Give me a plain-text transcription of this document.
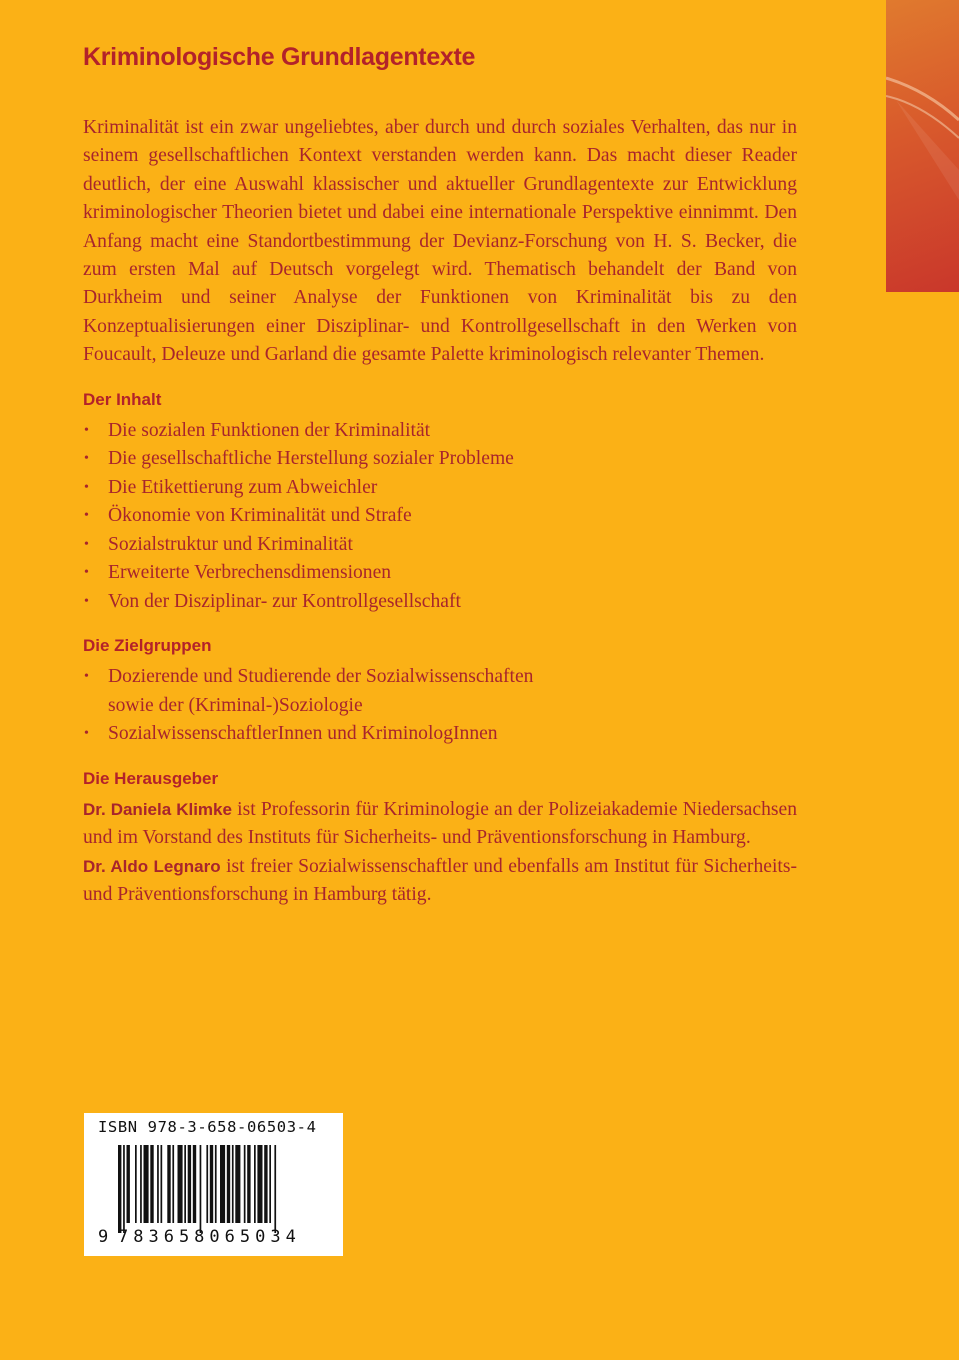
Kriminologische Grundlagentexte

Kriminalität ist ein zwar ungeliebtes, aber durch und durch soziales Verhalten, das nur in seinem gesellschaftlichen Kontext verstanden werden kann. Das macht dieser Reader deutlich, der eine Auswahl klassischer und aktueller Grundlagentexte zur Entwicklung kriminologischer Theorien bietet und dabei eine internationale Perspektive einnimmt. Den Anfang macht eine Standortbestimmung der Devianz-Forschung von H. S. Becker, die zum ersten Mal auf Deutsch vorgelegt wird. Thematisch behandelt der Band von Durkheim und seiner Analyse der Funktionen von Kriminalität bis zu den Konzeptualisierungen einer Disziplinar- und Kontrollgesellschaft in den Werken von Foucault, Deleuze und Garland die gesamte Palette kriminologisch relevanter Themen.

Der Inhalt
• Die sozialen Funktionen der Kriminalität
• Die gesellschaftliche Herstellung sozialer Probleme
• Die Etikettierung zum Abweichler
• Ökonomie von Kriminalität und Strafe
• Sozialstruktur und Kriminalität
• Erweiterte Verbrechensdimensionen
• Von der Disziplinar- zur Kontrollgesellschaft
Die Zielgruppen
• Dozierende und Studierende der Sozialwissenschaften
sowie der (Kriminal-)Soziologie
• SozialwissenschaftlerInnen und KriminologInnen
Die Herausgeber

Dr. Daniela Klimke ist Professorin für Kriminologie an der Polizeiakademie Niedersachsen und im Vorstand des Instituts für Sicherheits- und Präventionsforschung in Hamburg.

Dr. Aldo Legnaro ist freier Sozialwissenschaftler und ebenfalls am Institut für Sicherheits- und Präventionsforschung in Hamburg tätig.

ISBN 978-3-658-06503-4
9 783658065034
